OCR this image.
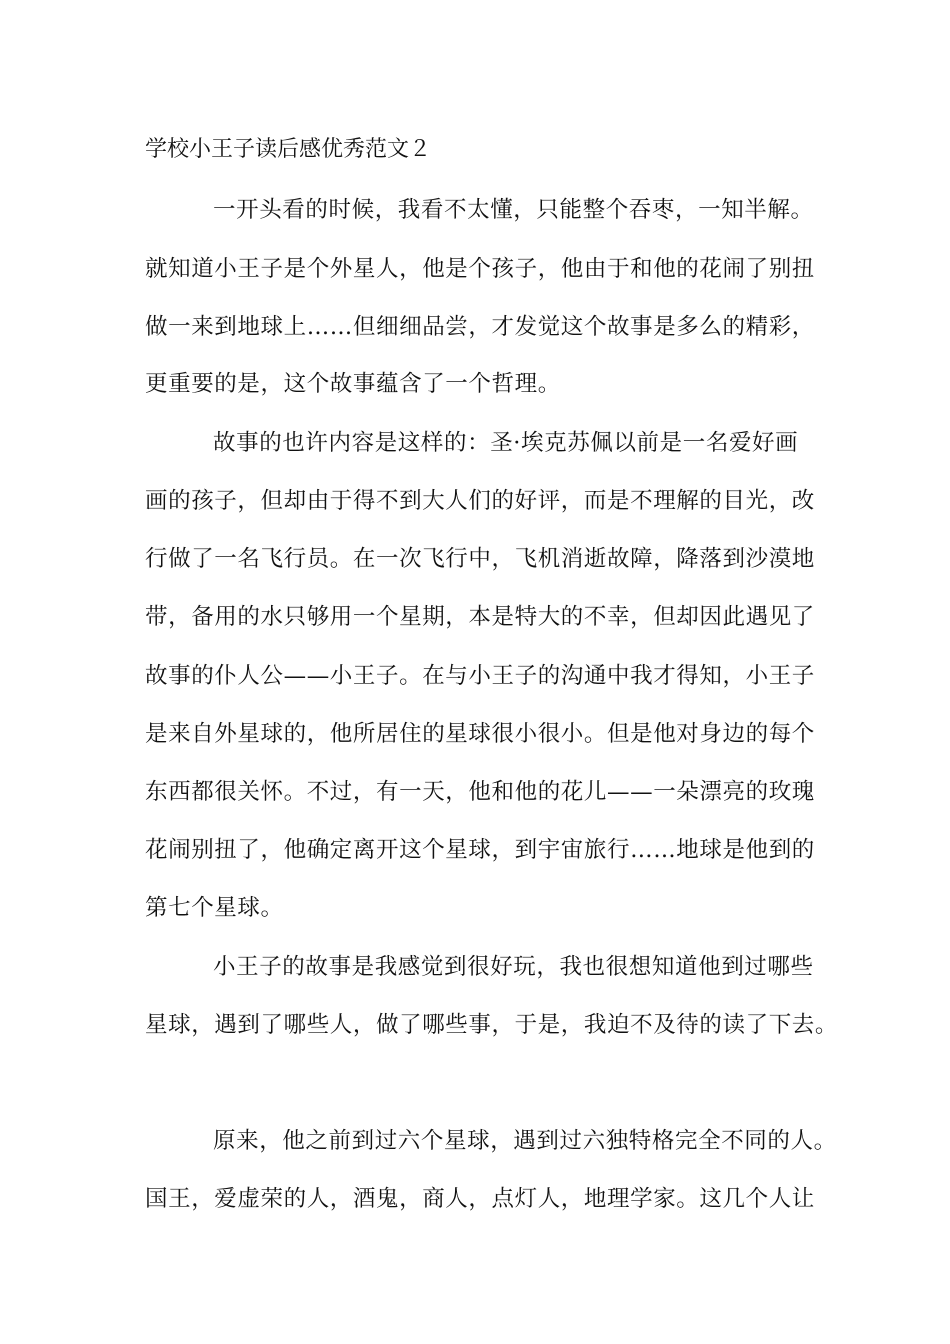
学校小王子读后感优秀范文２
一开头看的时候，我看不太懂，只能整个吞枣，一知半解。
就知道小王子是个外星人，他是个孩子，他由于和他的花闹了别扭
做一来到地球上……但细细品尝，才发觉这个故事是多么的精彩，
更重要的是，这个故事蕴含了一个哲理。
故事的也许内容是这样的：圣·埃克苏佩以前是一名爱好画
画的孩子，但却由于得不到大人们的好评，而是不理解的目光，改
行做了一名飞行员。在一次飞行中，飞机消逝故障，降落到沙漠地
带，备用的水只够用一个星期，本是特大的不幸，但却因此遇见了
故事的仆人公——小王子。在与小王子的沟通中我才得知，小王子
是来自外星球的，他所居住的星球很小很小。但是他对身边的每个
东西都很关怀。不过，有一天，他和他的花儿——一朵漂亮的玫瑰
花闹别扭了，他确定离开这个星球，到宇宙旅行……地球是他到的
第七个星球。
小王子的故事是我感觉到很好玩，我也很想知道他到过哪些
星球，遇到了哪些人，做了哪些事，于是，我迫不及待的读了下去。
原来，他之前到过六个星球，遇到过六独特格完全不同的人。
国王，爱虚荣的人，酒鬼，商人，点灯人，地理学家。这几个人让
